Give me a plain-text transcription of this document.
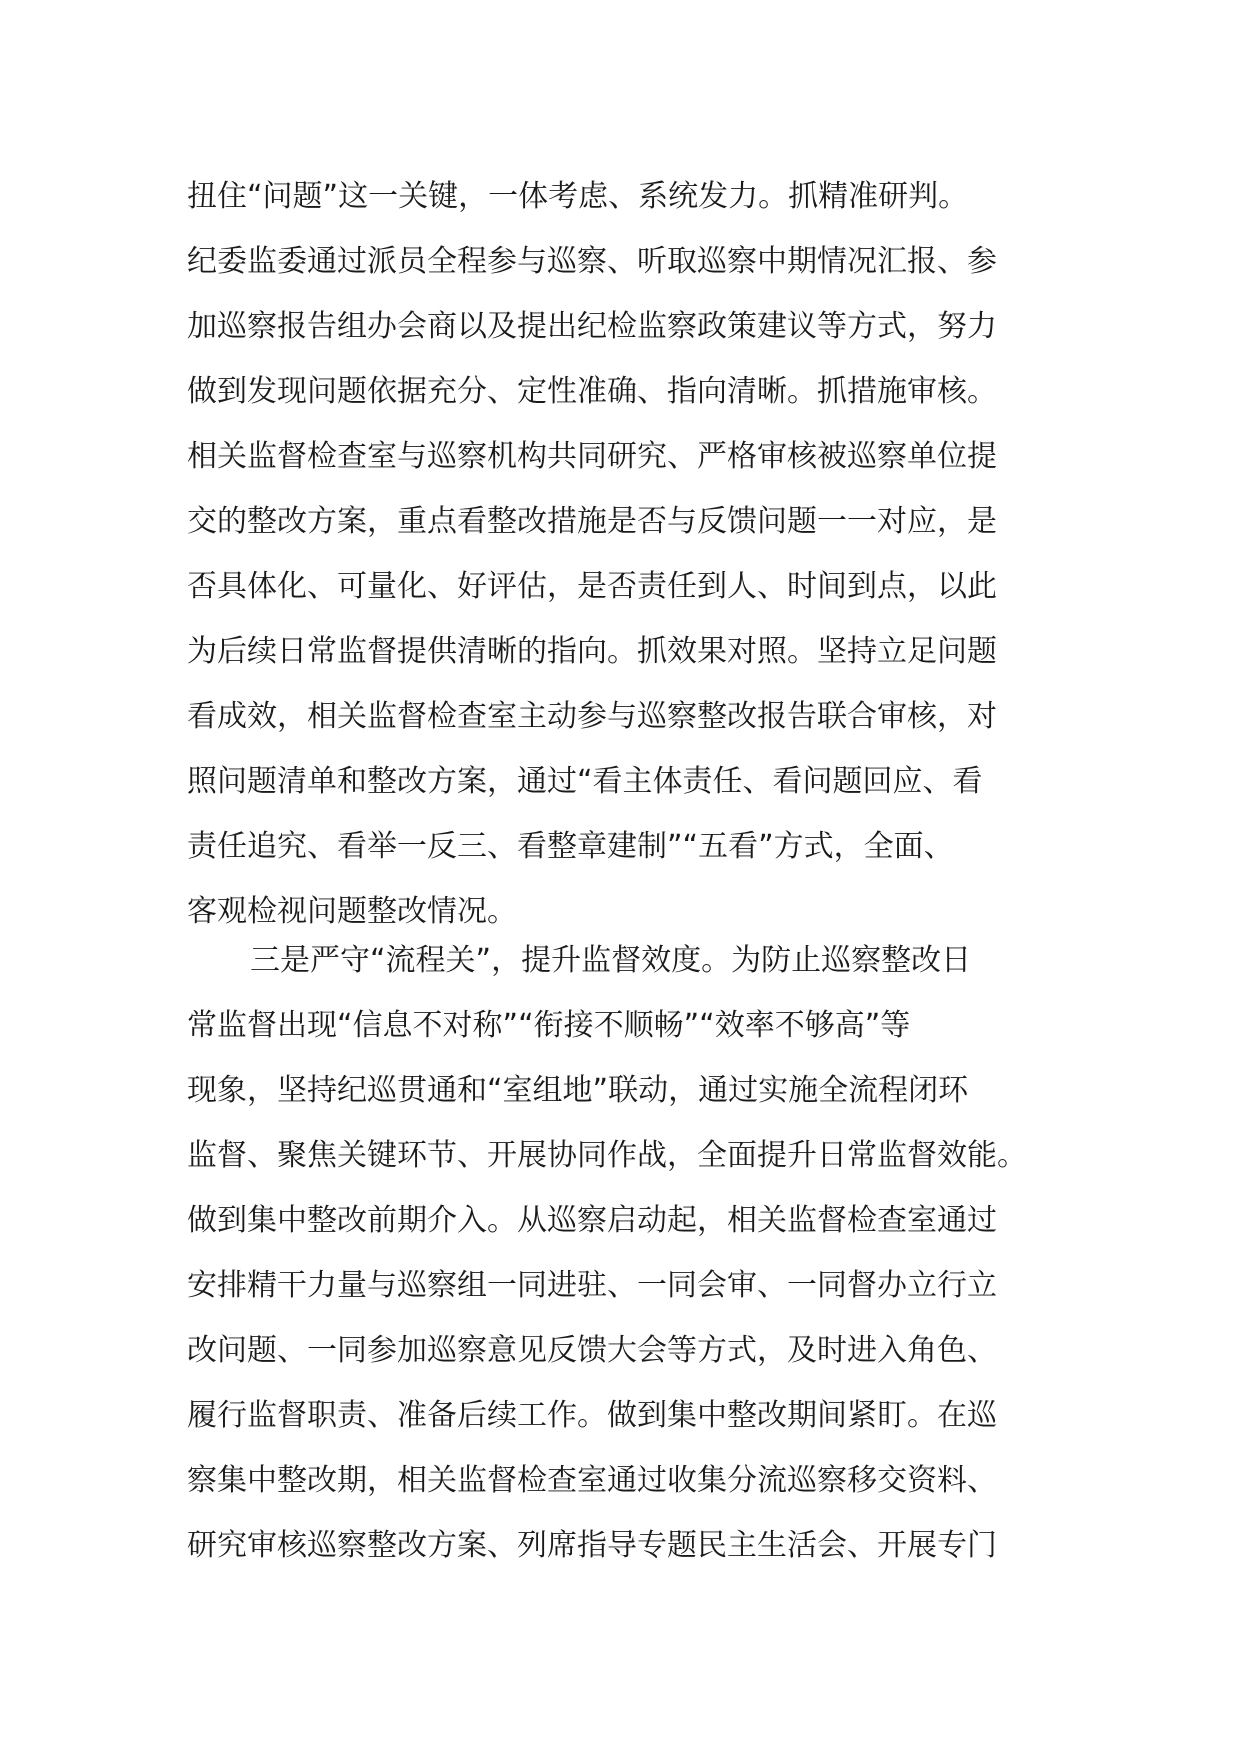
扭住“问题”这一关键，一体考虑、系统发力。抓精准研判。
纪委监委通过派员全程参与巡察、听取巡察中期情况汇报、参
加巡察报告组办会商以及提出纪检监察政策建议等方式，努力
做到发现问题依据充分、定性准确、指向清晰。抓措施审核。
相关监督检查室与巡察机构共同研究、严格审核被巡察单位提
交的整改方案，重点看整改措施是否与反馈问题一一对应，是
否具体化、可量化、好评估，是否责任到人、时间到点，以此
为后续日常监督提供清晰的指向。抓效果对照。坚持立足问题
看成效，相关监督检查室主动参与巡察整改报告联合审核，对
照问题清单和整改方案，通过“看主体责任、看问题回应、看
责任追究、看举一反三、看整章建制”“五看”方式，全面、
客观检视问题整改情况。
三是严守“流程关”，提升监督效度。为防止巡察整改日
常监督出现“信息不对称”“衔接不顺畅”“效率不够高”等
现象，坚持纪巡贯通和“室组地”联动，通过实施全流程闭环
监督、聚焦关键环节、开展协同作战，全面提升日常监督效能。
做到集中整改前期介入。从巡察启动起，相关监督检查室通过
安排精干力量与巡察组一同进驻、一同会审、一同督办立行立
改问题、一同参加巡察意见反馈大会等方式，及时进入角色、
履行监督职责、准备后续工作。做到集中整改期间紧盯。在巡
察集中整改期，相关监督检查室通过收集分流巡察移交资料、
研究审核巡察整改方案、列席指导专题民主生活会、开展专门
